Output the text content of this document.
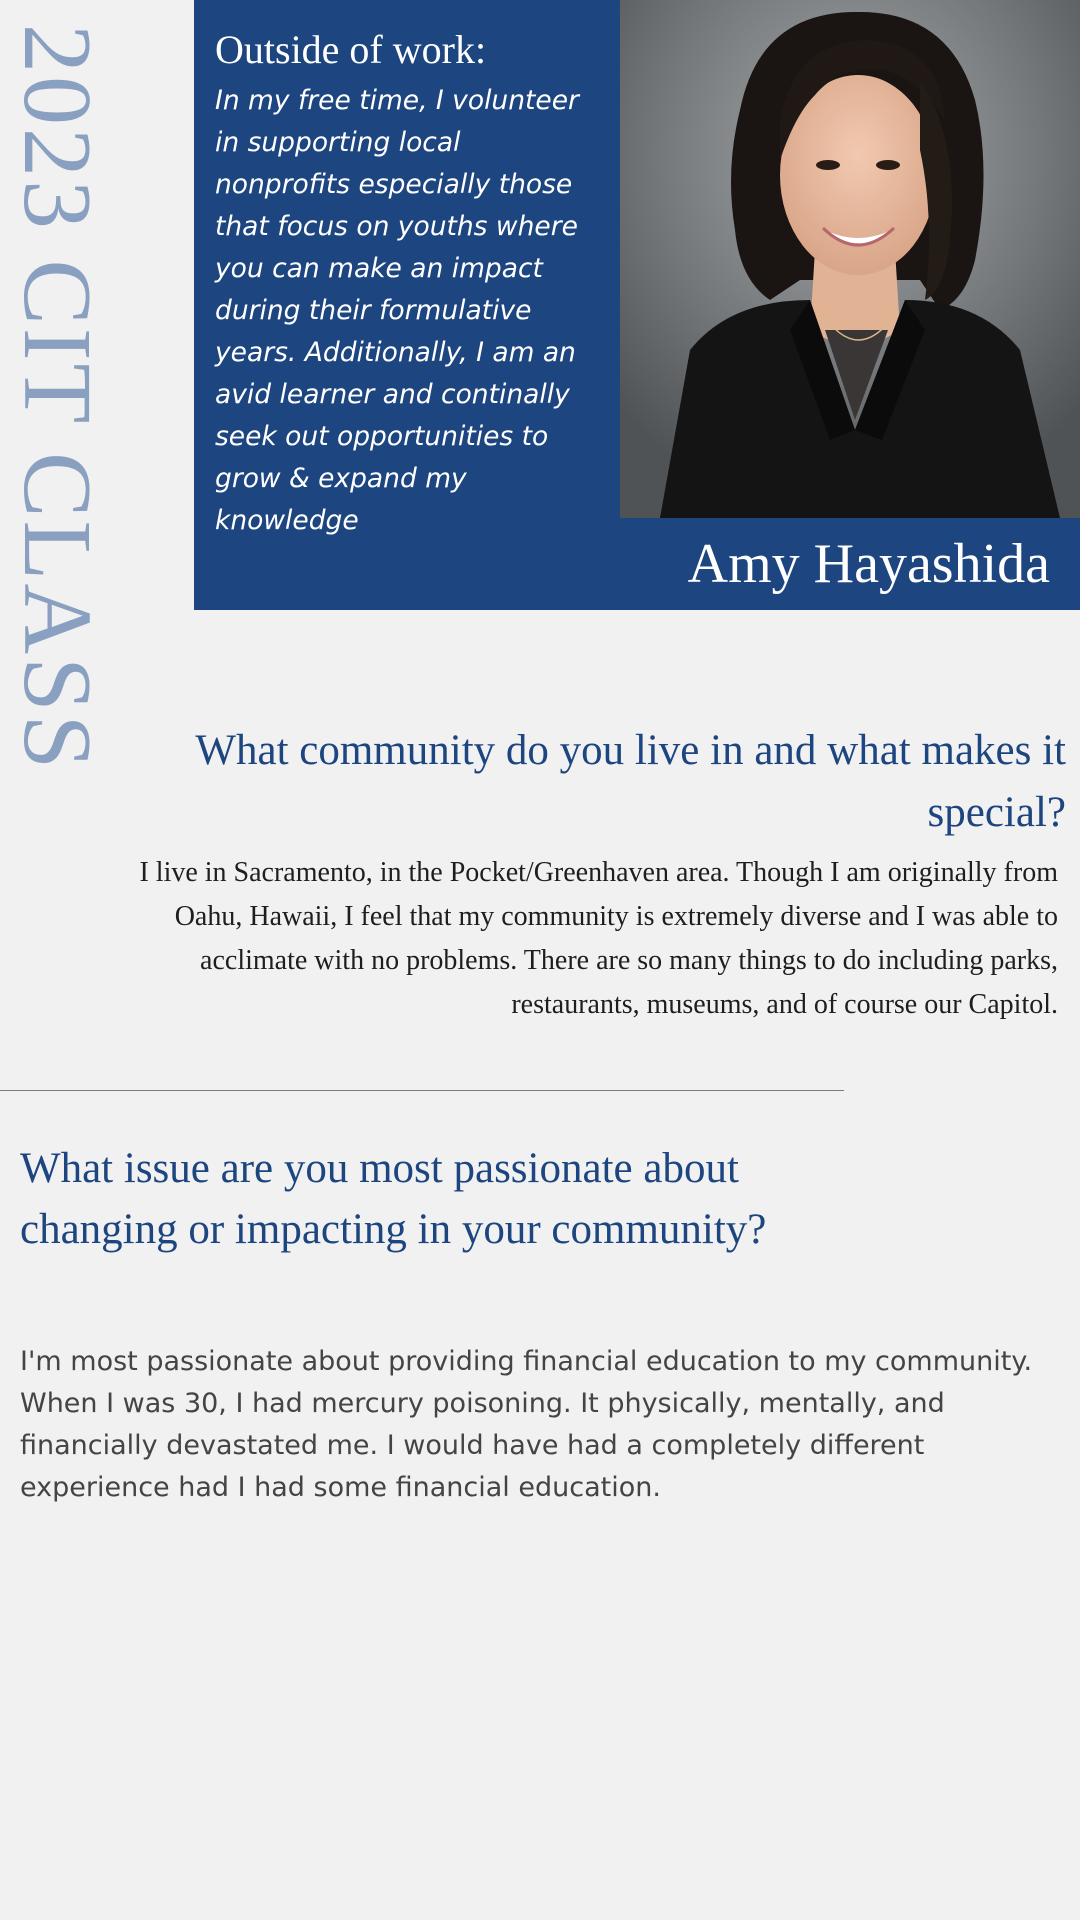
2023 CIT CLASS	Outside of work:

In my free time, I volunteer in supporting local nonprofits especially those that focus on youths where you can make an impact during their formulative years. Additionally, I am an avid learner and continally seek out opportunities to grow & expand my knowledge

Amy Hayashida
What community do you live in and what makes it special?

I live in Sacramento, in the Pocket/Greenhaven area. Though I am originally from Oahu, Hawaii, I feel that my community is extremely diverse and I was able to acclimate with no problems. There are so many things to do including parks, restaurants, museums, and of course our Capitol.

What issue are you most passionate about changing or impacting in your community?

I'm most passionate about providing financial education to my community. When I was 30, I had mercury poisoning. It physically, mentally, and financially devastated me. I would have had a completely different experience had I had some financial education.
